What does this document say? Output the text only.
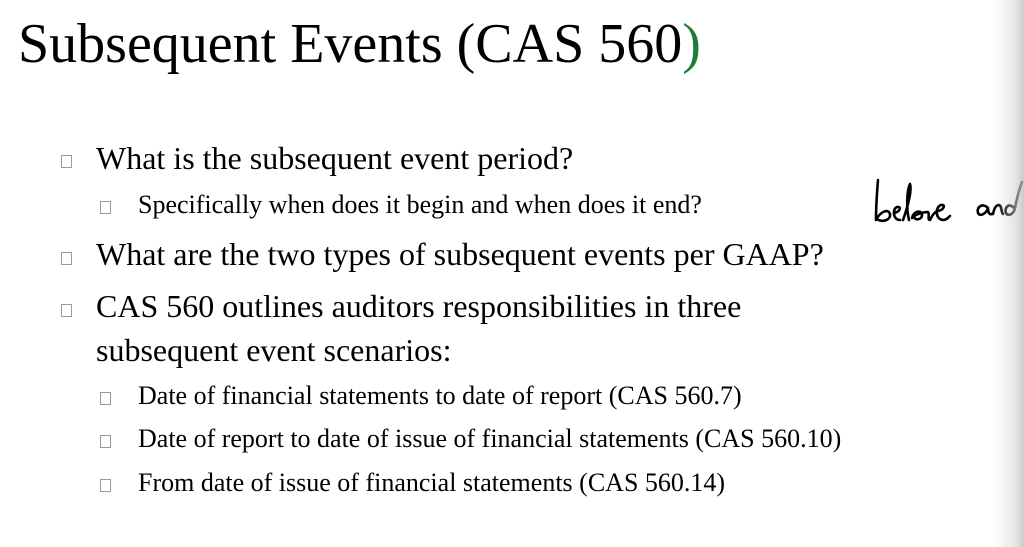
Subsequent Events (CAS 560)
What is the subsequent event period?
Specifically when does it begin and when does it end?
What are the two types of subsequent events per GAAP?
CAS 560 outlines auditors responsibilities in three
subsequent event scenarios:
Date of financial statements to date of report (CAS 560.7)
Date of report to date of issue of financial statements (CAS 560.10)
From date of issue of financial statements (CAS 560.14)
